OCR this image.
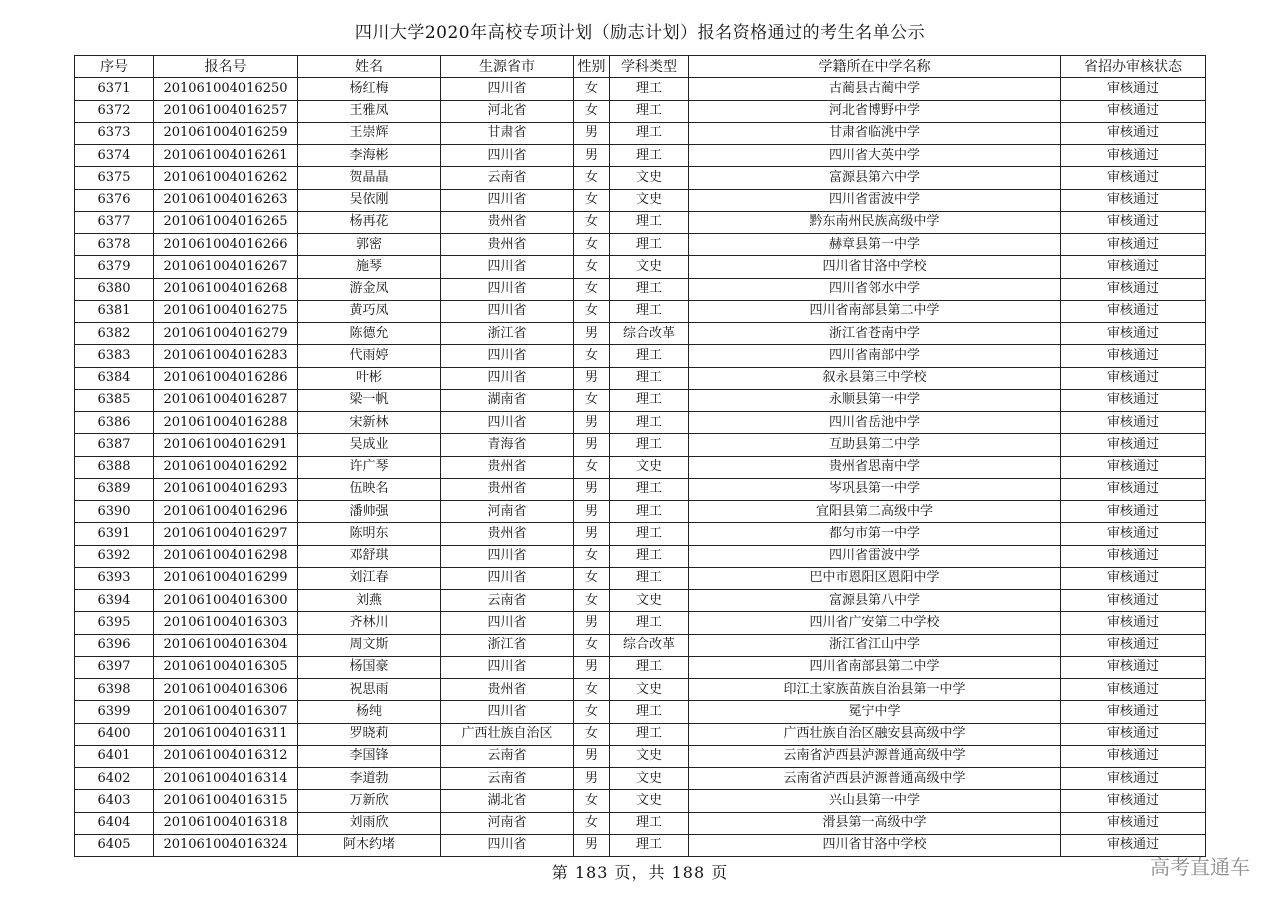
四川大学2020年高校专项计划（励志计划）报名资格通过的考生名单公示
序号	报名号	姓名	生源省市	性别	学科类型	学籍所在中学名称	省招办审核状态
6371	201061004016250	杨红梅	四川省	女	理工	古蔺县古蔺中学	审核通过
6372	201061004016257	王雅凤	河北省	女	理工	河北省博野中学	审核通过
6373	201061004016259	王崇辉	甘肃省	男	理工	甘肃省临洮中学	审核通过
6374	201061004016261	李海彬	四川省	男	理工	四川省大英中学	审核通过
6375	201061004016262	贺晶晶	云南省	女	文史	富源县第六中学	审核通过
6376	201061004016263	吴依刚	四川省	女	文史	四川省雷波中学	审核通过
6377	201061004016265	杨再花	贵州省	女	理工	黔东南州民族高级中学	审核通过
6378	201061004016266	郭密	贵州省	女	理工	赫章县第一中学	审核通过
6379	201061004016267	施琴	四川省	女	文史	四川省甘洛中学校	审核通过
6380	201061004016268	游金凤	四川省	女	理工	四川省邻水中学	审核通过
6381	201061004016275	黄巧凤	四川省	女	理工	四川省南部县第二中学	审核通过
6382	201061004016279	陈德允	浙江省	男	综合改革	浙江省苍南中学	审核通过
6383	201061004016283	代雨婷	四川省	女	理工	四川省南部中学	审核通过
6384	201061004016286	叶彬	四川省	男	理工	叙永县第三中学校	审核通过
6385	201061004016287	梁一帆	湖南省	女	理工	永顺县第一中学	审核通过
6386	201061004016288	宋新林	四川省	男	理工	四川省岳池中学	审核通过
6387	201061004016291	吴成业	青海省	男	理工	互助县第二中学	审核通过
6388	201061004016292	许广琴	贵州省	女	文史	贵州省思南中学	审核通过
6389	201061004016293	伍映名	贵州省	男	理工	岑巩县第一中学	审核通过
6390	201061004016296	潘帅强	河南省	男	理工	宜阳县第二高级中学	审核通过
6391	201061004016297	陈明东	贵州省	男	理工	都匀市第一中学	审核通过
6392	201061004016298	邓舒琪	四川省	女	理工	四川省雷波中学	审核通过
6393	201061004016299	刘江春	四川省	女	理工	巴中市恩阳区恩阳中学	审核通过
6394	201061004016300	刘燕	云南省	女	文史	富源县第八中学	审核通过
6395	201061004016303	齐林川	四川省	男	理工	四川省广安第二中学校	审核通过
6396	201061004016304	周文斯	浙江省	女	综合改革	浙江省江山中学	审核通过
6397	201061004016305	杨国豪	四川省	男	理工	四川省南部县第二中学	审核通过
6398	201061004016306	祝思雨	贵州省	女	文史	印江土家族苗族自治县第一中学	审核通过
6399	201061004016307	杨纯	四川省	女	理工	冕宁中学	审核通过
6400	201061004016311	罗晓莉	广西壮族自治区	女	理工	广西壮族自治区融安县高级中学	审核通过
6401	201061004016312	李国锋	云南省	男	文史	云南省泸西县泸源普通高级中学	审核通过
6402	201061004016314	李道勃	云南省	男	文史	云南省泸西县泸源普通高级中学	审核通过
6403	201061004016315	万新欣	湖北省	女	文史	兴山县第一中学	审核通过
6404	201061004016318	刘雨欣	河南省	女	理工	滑县第一高级中学	审核通过
6405	201061004016324	阿木约堵	四川省	男	理工	四川省甘洛中学校	审核通过
第 183 页，共 188 页	高考直通车
